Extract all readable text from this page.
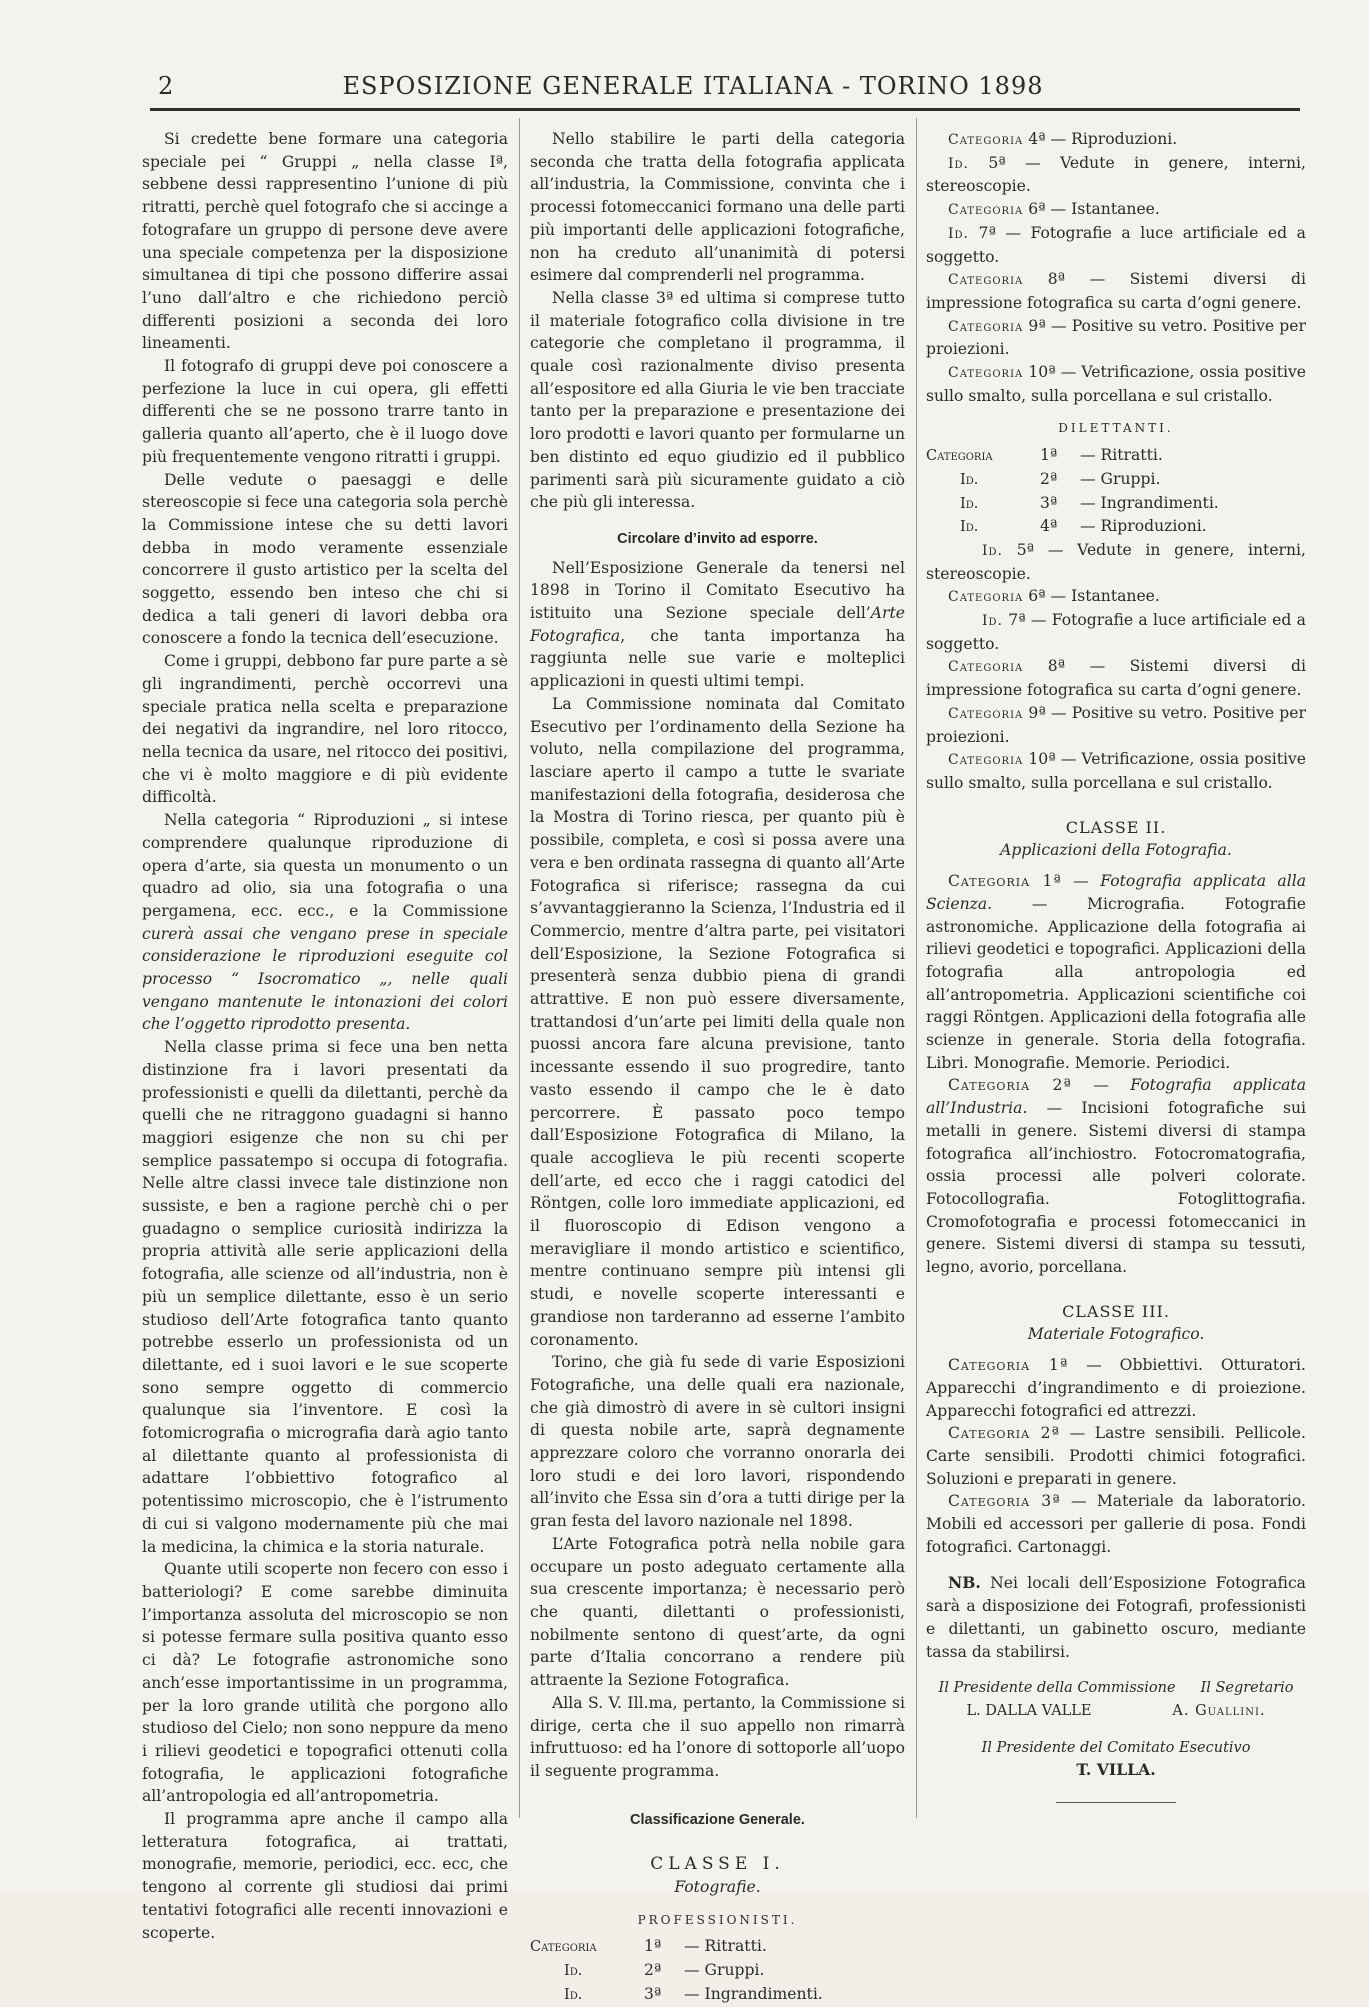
2	ESPOSIZIONE GENERALE ITALIANA - TORINO 1898

Si credette bene formare una categoria speciale pei “ Gruppi „ nella classe Iª, sebbene dessi rappresentino l’unione di più ritratti, perchè quel fotografo che si accinge a fotografare un gruppo di persone deve avere una speciale competenza per la disposizione simultanea di tipi che possono differire assai l’uno dall’altro e che richiedono perciò differenti posizioni a seconda dei loro lineamenti.

Il fotografo di gruppi deve poi conoscere a perfezione la luce in cui opera, gli effetti differenti che se ne possono trarre tanto in galleria quanto all’aperto, che è il luogo dove più frequentemente vengono ritratti i gruppi.

Delle vedute o paesaggi e delle stereoscopie si fece una categoria sola perchè la Commissione intese che su detti lavori debba in modo veramente essenziale concorrere il gusto artistico per la scelta del soggetto, essendo ben inteso che chi si dedica a tali generi di lavori debba ora conoscere a fondo la tecnica dell’esecuzione.

Come i gruppi, debbono far pure parte a sè gli ingrandimenti, perchè occorrevi una speciale pratica nella scelta e preparazione dei negativi da ingrandire, nel loro ritocco, nella tecnica da usare, nel ritocco dei positivi, che vi è molto maggiore e di più evidente difficoltà.

Nella categoria “ Riproduzioni „ si intese comprendere qualunque riproduzione di opera d’arte, sia questa un monumento o un quadro ad olio, sia una fotografia o una pergamena, ecc. ecc., e la Commissione curerà assai che vengano prese in speciale considerazione le riproduzioni eseguite col processo “ Isocromatico „, nelle quali vengano mantenute le intonazioni dei colori che l’oggetto riprodotto presenta.

Nella classe prima si fece una ben netta distinzione fra i lavori presentati da professionisti e quelli da dilettanti, perchè da quelli che ne ritraggono guadagni si hanno maggiori esigenze che non su chi per semplice passatempo si occupa di fotografia. Nelle altre classi invece tale distinzione non sussiste, e ben a ragione perchè chi o per guadagno o semplice curiosità indirizza la propria attività alle serie applicazioni della fotografia, alle scienze od all’industria, non è più un semplice dilettante, esso è un serio studioso dell’Arte fotografica tanto quanto potrebbe esserlo un professionista od un dilettante, ed i suoi lavori e le sue scoperte sono sempre oggetto di commercio qualunque sia l’inventore. E così la fotomicrografia o micrografia darà agio tanto al dilettante quanto al professionista di adattare l’obbiettivo fotografico al potentissimo microscopio, che è l’istrumento di cui si valgono modernamente più che mai la medicina, la chimica e la storia naturale.

Quante utili scoperte non fecero con esso i batteriologi? E come sarebbe diminuita l’importanza assoluta del microscopio se non si potesse fermare sulla positiva quanto esso ci dà? Le fotografie astronomiche sono anch’esse importantissime in un programma, per la loro grande utilità che porgono allo studioso del Cielo; non sono neppure da meno i rilievi geodetici e topografici ottenuti colla fotografia, le applicazioni fotografiche all’antropologia ed all’antropometria.

Il programma apre anche il campo alla letteratura fotografica, ai trattati, monografie, memorie, periodici, ecc. ecc, che tengono al corrente gli studiosi dai primi tentativi fotografici alle recenti innovazioni e scoperte.

Nello stabilire le parti della categoria seconda che tratta della fotografia applicata all’industria, la Commissione, convinta che i processi fotomeccanici formano una delle parti più importanti delle applicazioni fotografiche, non ha creduto all’unanimità di potersi esimere dal comprenderli nel programma.

Nella classe 3ª ed ultima si comprese tutto il materiale fotografico colla divisione in tre categorie che completano il programma, il quale così razionalmente diviso presenta all’espositore ed alla Giuria le vie ben tracciate tanto per la preparazione e presentazione dei loro prodotti e lavori quanto per formularne un ben distinto ed equo giudizio ed il pubblico parimenti sarà più sicuramente guidato a ciò che più gli interessa.

Circolare d’invito ad esporre.

Nell’Esposizione Generale da tenersi nel 1898 in Torino il Comitato Esecutivo ha istituito una Sezione speciale dell’Arte Fotografica, che tanta importanza ha raggiunta nelle sue varie e molteplici applicazioni in questi ultimi tempi.

La Commissione nominata dal Comitato Esecutivo per l’ordinamento della Sezione ha voluto, nella compilazione del programma, lasciare aperto il campo a tutte le svariate manifestazioni della fotografia, desiderosa che la Mostra di Torino riesca, per quanto più è possibile, completa, e così si possa avere una vera e ben ordinata rassegna di quanto all’Arte Fotografica si riferisce; rassegna da cui s’avvantaggieranno la Scienza, l’Industria ed il Commercio, mentre d’altra parte, pei visitatori dell’Esposizione, la Sezione Fotografica si presenterà senza dubbio piena di grandi attrattive. E non può essere diversamente, trattandosi d’un’arte pei limiti della quale non puossi ancora fare alcuna previsione, tanto incessante essendo il suo progredire, tanto vasto essendo il campo che le è dato percorrere. È passato poco tempo dall’Esposizione Fotografica di Milano, la quale accoglieva le più recenti scoperte dell’arte, ed ecco che i raggi catodici del Röntgen, colle loro immediate applicazioni, ed il fluoroscopio di Edison vengono a meravigliare il mondo artistico e scientifico, mentre continuano sempre più intensi gli studi, e novelle scoperte interessanti e grandiose non tarderanno ad esserne l’ambito coronamento.

Torino, che già fu sede di varie Esposizioni Fotografiche, una delle quali era nazionale, che già dimostrò di avere in sè cultori insigni di questa nobile arte, saprà degnamente apprezzare coloro che vorranno onorarla dei loro studi e dei loro lavori, rispondendo all’invito che Essa sin d’ora a tutti dirige per la gran festa del lavoro nazionale nel 1898.

L’Arte Fotografica potrà nella nobile gara occupare un posto adeguato certamente alla sua crescente importanza; è necessario però che quanti, dilettanti o professionisti, nobilmente sentono di quest’arte, da ogni parte d’Italia concorrano a rendere più attraente la Sezione Fotografica.

Alla S. V. Ill.ma, pertanto, la Commissione si dirige, certa che il suo appello non rimarrà infruttuoso: ed ha l’onore di sottoporle all’uopo il seguente programma.

Classificazione Generale.
CLASSE I.
Fotografie.
PROFESSIONISTI.
Categoria	1ª	— Ritratti.
Id.	2ª	— Gruppi.
Id.	3ª	— Ingrandimenti.

Categoria 4ª — Riproduzioni.

Id. 5ª — Vedute in genere, interni, stereoscopie.

Categoria 6ª — Istantanee.

Id. 7ª — Fotografie a luce artificiale ed a soggetto.

Categoria 8ª — Sistemi diversi di impressione fotografica su carta d’ogni genere.

Categoria 9ª — Positive su vetro. Positive per proiezioni.

Categoria 10ª — Vetrificazione, ossia positive sullo smalto, sulla porcellana e sul cristallo.

DILETTANTI.
Categoria	1ª	— Ritratti.
Id.	2ª	— Gruppi.
Id.	3ª	— Ingrandimenti.
Id.	4ª	— Riproduzioni.

Id. 5ª — Vedute in genere, interni, stereoscopie.

Categoria 6ª — Istantanee.

Id. 7ª — Fotografie a luce artificiale ed a soggetto.

Categoria 8ª — Sistemi diversi di impressione fotografica su carta d’ogni genere.

Categoria 9ª — Positive su vetro. Positive per proiezioni.

Categoria 10ª — Vetrificazione, ossia positive sullo smalto, sulla porcellana e sul cristallo.

CLASSE II.
Applicazioni della Fotografia.

Categoria 1ª — Fotografia applicata alla Scienza.	— Micrografia. Fotografie astronomiche. Applicazione della fotografia ai rilievi geodetici e topografici. Applicazioni della fotografia alla antropologia ed all’antropometria. Applicazioni scientifiche coi raggi Röntgen. Applicazioni della fotografia alle scienze in generale. Storia della fotografia. Libri. Monografie. Memorie. Periodici.

Categoria 2ª — Fotografia applicata all’Industria. — Incisioni fotografiche sui metalli in genere. Sistemi diversi di stampa fotografica all’inchiostro. Fotocromatografia, ossia processi alle polveri colorate. Fotocollografia. Fotoglittografia. Cromofotografia e processi fotomeccanici in genere. Sistemi diversi di stampa su tessuti, legno, avorio, porcellana.

CLASSE III.
Materiale Fotografico.

Categoria 1ª — Obbiettivi. Otturatori. Apparecchi d’ingrandimento e di proiezione. Apparecchi fotografici ed attrezzi.

Categoria 2ª — Lastre sensibili. Pellicole. Carte sensibili. Prodotti chimici fotografici. Soluzioni e preparati in genere.

Categoria 3ª — Materiale da laboratorio. Mobili ed accessori per gallerie di posa. Fondi fotografici. Cartonaggi.

NB. Nei locali dell’Esposizione Fotografica sarà a disposizione dei Fotografi, professionisti e dilettanti, un gabinetto oscuro, mediante tassa da stabilirsi.

Il Presidente della Commissione Il Segretario
L. DALLA VALLE	A. Guallini.
Il Presidente del Comitato Esecutivo
T. VILLA.
